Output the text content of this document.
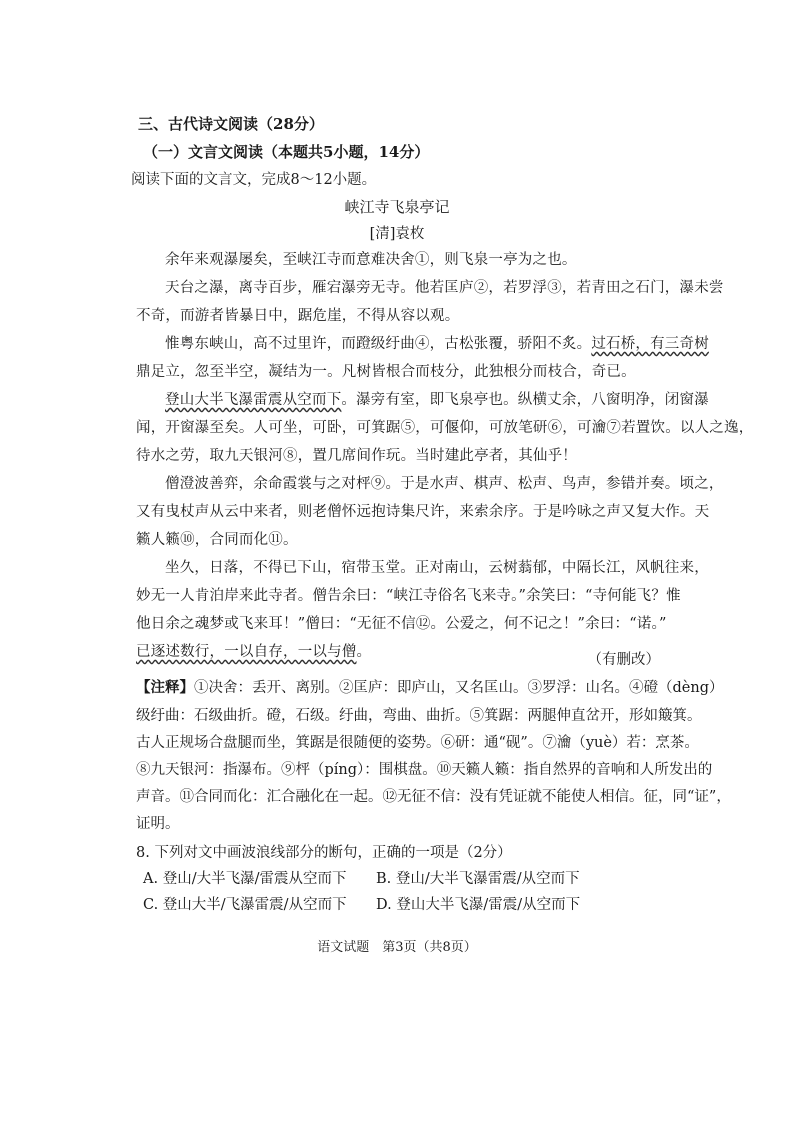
三、古代诗文阅读（28分）
（一）文言文阅读（本题共5小题，14分）
阅读下面的文言文，完成8～12小题。
峡江寺飞泉亭记
[清]袁枚
余年来观瀑屡矣，至峡江寺而意难决舍①，则飞泉一亭为之也。
天台之瀑，离寺百步，雁宕瀑旁无寺。他若匡庐②，若罗浮③，若青田之石门，瀑未尝
不奇，而游者皆暴日中，踞危崖，不得从容以观。
惟粤东峡山，高不过里许，而蹬级纡曲④，古松张覆，骄阳不炙。过石桥，有三奇树
鼎足立，忽至半空，凝结为一。凡树皆根合而枝分，此独根分而枝合，奇已。
登山大半飞瀑雷震从空而下。瀑旁有室，即飞泉亭也。纵横丈余，八窗明净，闭窗瀑
闻，开窗瀑至矣。人可坐，可卧，可箕踞⑤，可偃仰，可放笔研⑥，可瀹⑦若置饮。以人之逸，
待水之劳，取九天银河⑧，置几席间作玩。当时建此亭者，其仙乎！
僧澄波善弈，余命霞裳与之对枰⑨。于是水声、棋声、松声、鸟声，参错并奏。顷之，
又有曳杖声从云中来者，则老僧怀远抱诗集尺许，来索余序。于是吟咏之声又复大作。天
籁人籁⑩，合同而化⑪。
坐久，日落，不得已下山，宿带玉堂。正对南山，云树蓊郁，中隔长江，风帆往来，
妙无一人肯泊岸来此寺者。僧告余曰：“峡江寺俗名飞来寺。”余笑曰：“寺何能飞？惟
他日余之魂梦或飞来耳！”僧曰：“无征不信⑫。公爱之，何不记之！”余曰：“诺。”
已逐述数行，一以自存，一以与僧。	（有删改）
【注释】①决舍：丢开、离别。②匡庐：即庐山，又名匡山。③罗浮：山名。④磴（dèng）
级纡曲：石级曲折。磴，石级。纡曲，弯曲、曲折。⑤箕踞：两腿伸直岔开，形如簸箕。
古人正规场合盘腿而坐，箕踞是很随便的姿势。⑥研：通“砚”。⑦瀹（yuè）若：烹茶。
⑧九天银河：指瀑布。⑨枰（píng）：围棋盘。⑩天籁人籁：指自然界的音响和人所发出的
声音。⑪合同而化：汇合融化在一起。⑫无征不信：没有凭证就不能使人相信。征，同“证”，
证明。
8. 下列对文中画波浪线部分的断句，正确的一项是（2分）
A. 登山/大半飞瀑/雷震从空而下 B. 登山/大半飞瀑雷震/从空而下
C. 登山大半/飞瀑雷震/从空而下 D. 登山大半飞瀑/雷震/从空而下
语文试题　第3页（共8页）
